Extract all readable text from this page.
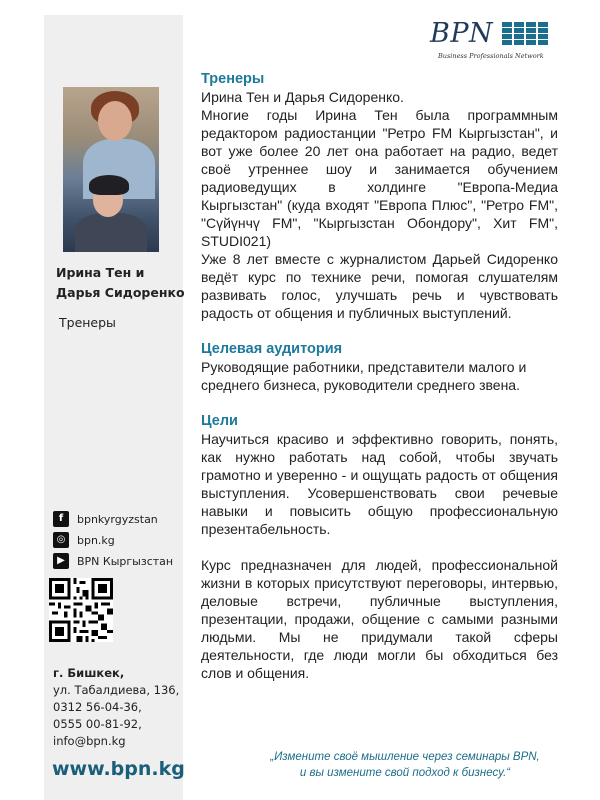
Ирина Тен и Дарья Сидоренко
Тренеры
f	bpnkyrgyzstan
◎	bpn.kg
▶	BPN Кыргызстан
г. Бишкек,
ул. Табалдиева, 136,
0312 56-04-36,
0555 00-81-92,
info@bpn.kg
www.bpn.kg
BPN
Business Professionals Network
Тренеры

Ирина Тен и Дарья Сидоренко.

Многие годы Ирина Тен была программным редактором радиостанции "Ретро FM Кыргызстан", и вот уже более 20 лет она работает на радио, ведет своё утреннее шоу и занимается обучением радиоведущих в холдинге "Европа-Медиа Кыргызстан" (куда входят "Европа Плюс", "Ретро FM", "Сүйүнчү FM", "Кыргызстан Обондору", Хит FM", STUDI021)

Уже 8 лет вместе с журналистом Дарьей Сидоренко ведёт курс по технике речи, помогая слушателям развивать голос, улучшать речь и чувствовать радость от общения и публичных выступлений.

Целевая аудитория

Руководящие работники, представители малого и среднего бизнеса, руководители среднего звена.

Цели

Научиться красиво и эффективно говорить, понять, как нужно работать над собой, чтобы звучать грамотно и уверенно - и ощущать радость от общения выступления. Усовершенствовать свои речевые навыки и повысить общую профессиональную презентабельность.

Курс предназначен для людей, профессиональной жизни в которых присутствуют переговоры, интервью, деловые встречи, публичные выступления, презентации, продажи, общение с самыми разными людьми. Мы не придумали такой сферы деятельности, где люди могли бы обходиться без слов и общения.

„Измените своё мышление через семинары BPN,
и вы измените свой подход к бизнесу.“
